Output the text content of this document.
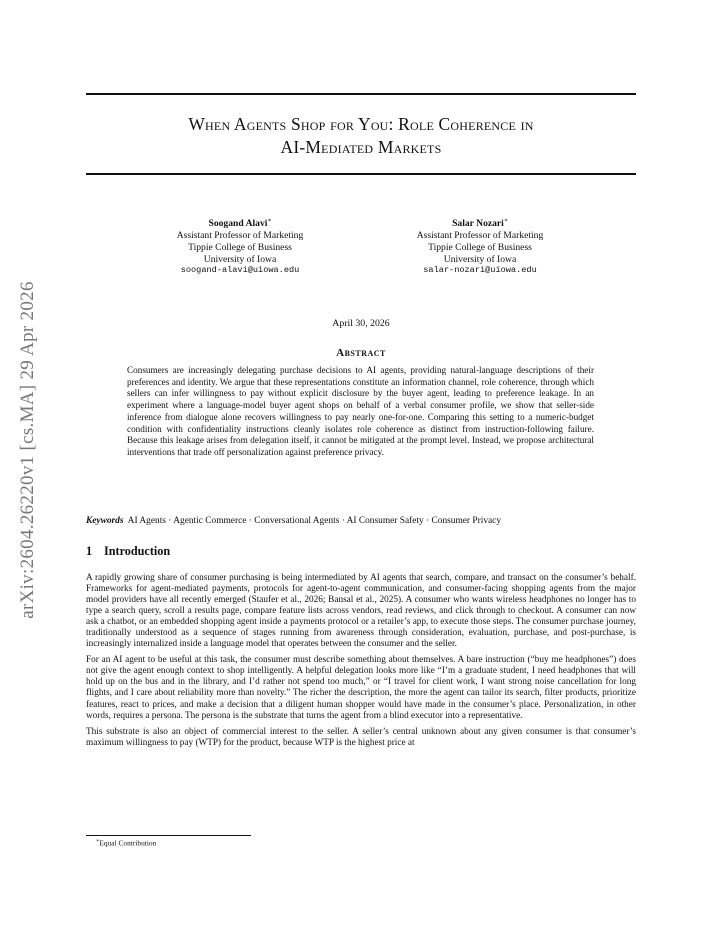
arXiv:2604.26220v1 [cs.MA] 29 Apr 2026
When Agents Shop for You: Role Coherence in
AI-Mediated Markets
Soogand Alavi∗
Assistant Professor of Marketing
Tippie College of Business
University of Iowa
soogand-alavi@uiowa.edu
Salar Nozari∗
Assistant Professor of Marketing
Tippie College of Business
University of Iowa
salar-nozari@uiowa.edu
April 30, 2026
Abstract
Consumers are increasingly delegating purchase decisions to AI agents, providing natural-language descriptions of their preferences and identity. We argue that these representations constitute an information channel, role coherence, through which sellers can infer willingness to pay without explicit disclosure by the buyer agent, leading to preference leakage. In an experiment where a language-model buyer agent shops on behalf of a verbal consumer profile, we show that seller-side inference from dialogue alone recovers willingness to pay nearly one-for-one. Comparing this setting to a numeric-budget condition with confidentiality instructions cleanly isolates role coherence as distinct from instruction-following failure. Because this leakage arises from delegation itself, it cannot be mitigated at the prompt level. Instead, we propose architectural interventions that trade off personalization against preference privacy.
Keywords AI Agents · Agentic Commerce · Conversational Agents · AI Consumer Safety · Consumer Privacy
1 Introduction

A rapidly growing share of consumer purchasing is being intermediated by AI agents that search, compare, and transact on the consumer’s behalf. Frameworks for agent-mediated payments, protocols for agent-to-agent communication, and consumer-facing shopping agents from the major model providers have all recently emerged (Staufer et al., 2026; Bansal et al., 2025). A consumer who wants wireless headphones no longer has to type a search query, scroll a results page, compare feature lists across vendors, read reviews, and click through to checkout. A consumer can now ask a chatbot, or an embedded shopping agent inside a payments protocol or a retailer’s app, to execute those steps. The consumer purchase journey, traditionally understood as a sequence of stages running from awareness through consideration, evaluation, purchase, and post-purchase, is increasingly internalized inside a language model that operates between the consumer and the seller.

For an AI agent to be useful at this task, the consumer must describe something about themselves. A bare instruction (“buy me headphones”) does not give the agent enough context to shop intelligently. A helpful delegation looks more like “I’m a graduate student, I need headphones that will hold up on the bus and in the library, and I’d rather not spend too much,” or “I travel for client work, I want strong noise cancellation for long flights, and I care about reliability more than novelty.” The richer the description, the more the agent can tailor its search, filter products, prioritize features, react to prices, and make a decision that a diligent human shopper would have made in the consumer’s place. Personalization, in other words, requires a persona. The persona is the substrate that turns the agent from a blind executor into a representative.

This substrate is also an object of commercial interest to the seller. A seller’s central unknown about any given consumer is that consumer’s maximum willingness to pay (WTP) for the product, because WTP is the highest price at

∗Equal Contribution
